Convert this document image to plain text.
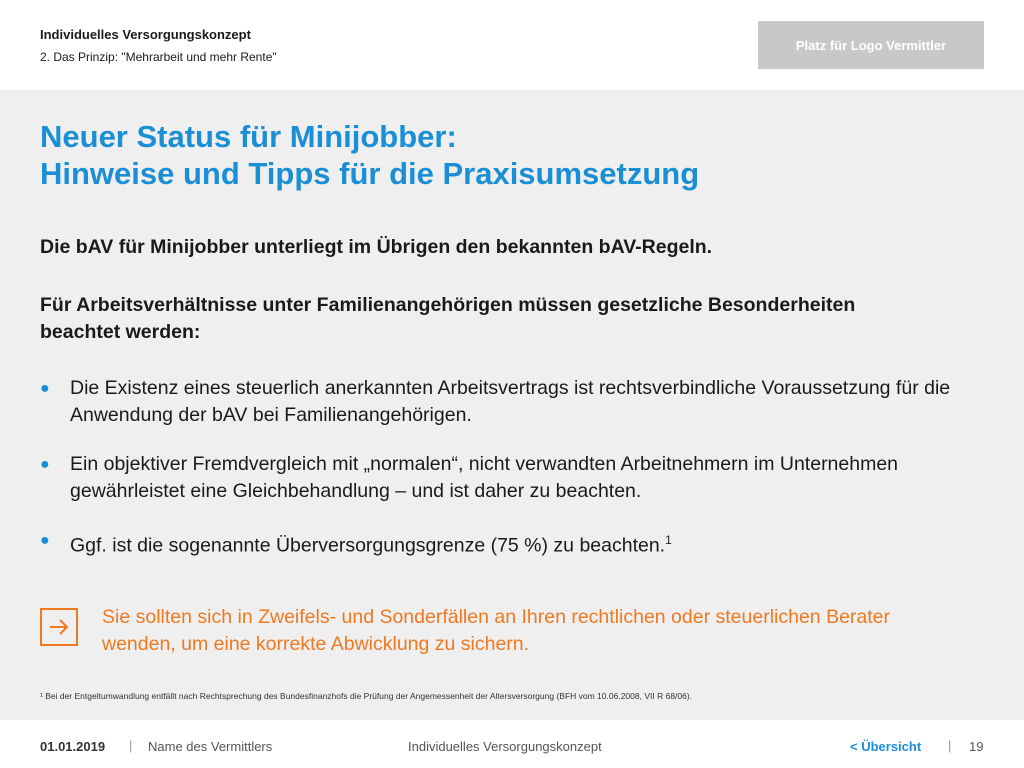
Individuelles Versorgungskonzept
2. Das Prinzip: "Mehrarbeit und mehr Rente"
Platz für Logo Vermittler
Neuer Status für Minijobber:
Hinweise und Tipps für die Praxisumsetzung
Die bAV für Minijobber unterliegt im Übrigen den bekannten bAV-Regeln.
Für Arbeitsverhältnisse unter Familienangehörigen müssen gesetzliche Besonderheiten beachtet werden:
● Die Existenz eines steuerlich anerkannten Arbeitsvertrags ist rechtsverbindliche Voraussetzung für die Anwendung der bAV bei Familienangehörigen.
● Ein objektiver Fremdvergleich mit „normalen“, nicht verwandten Arbeitnehmern im Unternehmen gewährleistet eine Gleichbehandlung – und ist daher zu beachten.
● Ggf. ist die sogenannte Überversorgungsgrenze (75 %) zu beachten.$^1$
Sie sollten sich in Zweifels- und Sonderfällen an Ihren rechtlichen oder steuerlichen Berater wenden, um eine korrekte Abwicklung zu sichern.
¹ Bei der Entgeltumwandlung entfällt nach Rechtsprechung des Bundesfinanzhofs die Prüfung der Angemessenheit der Altersversorgung (BFH vom 10.06.2008, VII R 68/06).
01.01.2019 | Name des Vermittlers	Individuelles Versorgungskonzept	< Übersicht | 19
